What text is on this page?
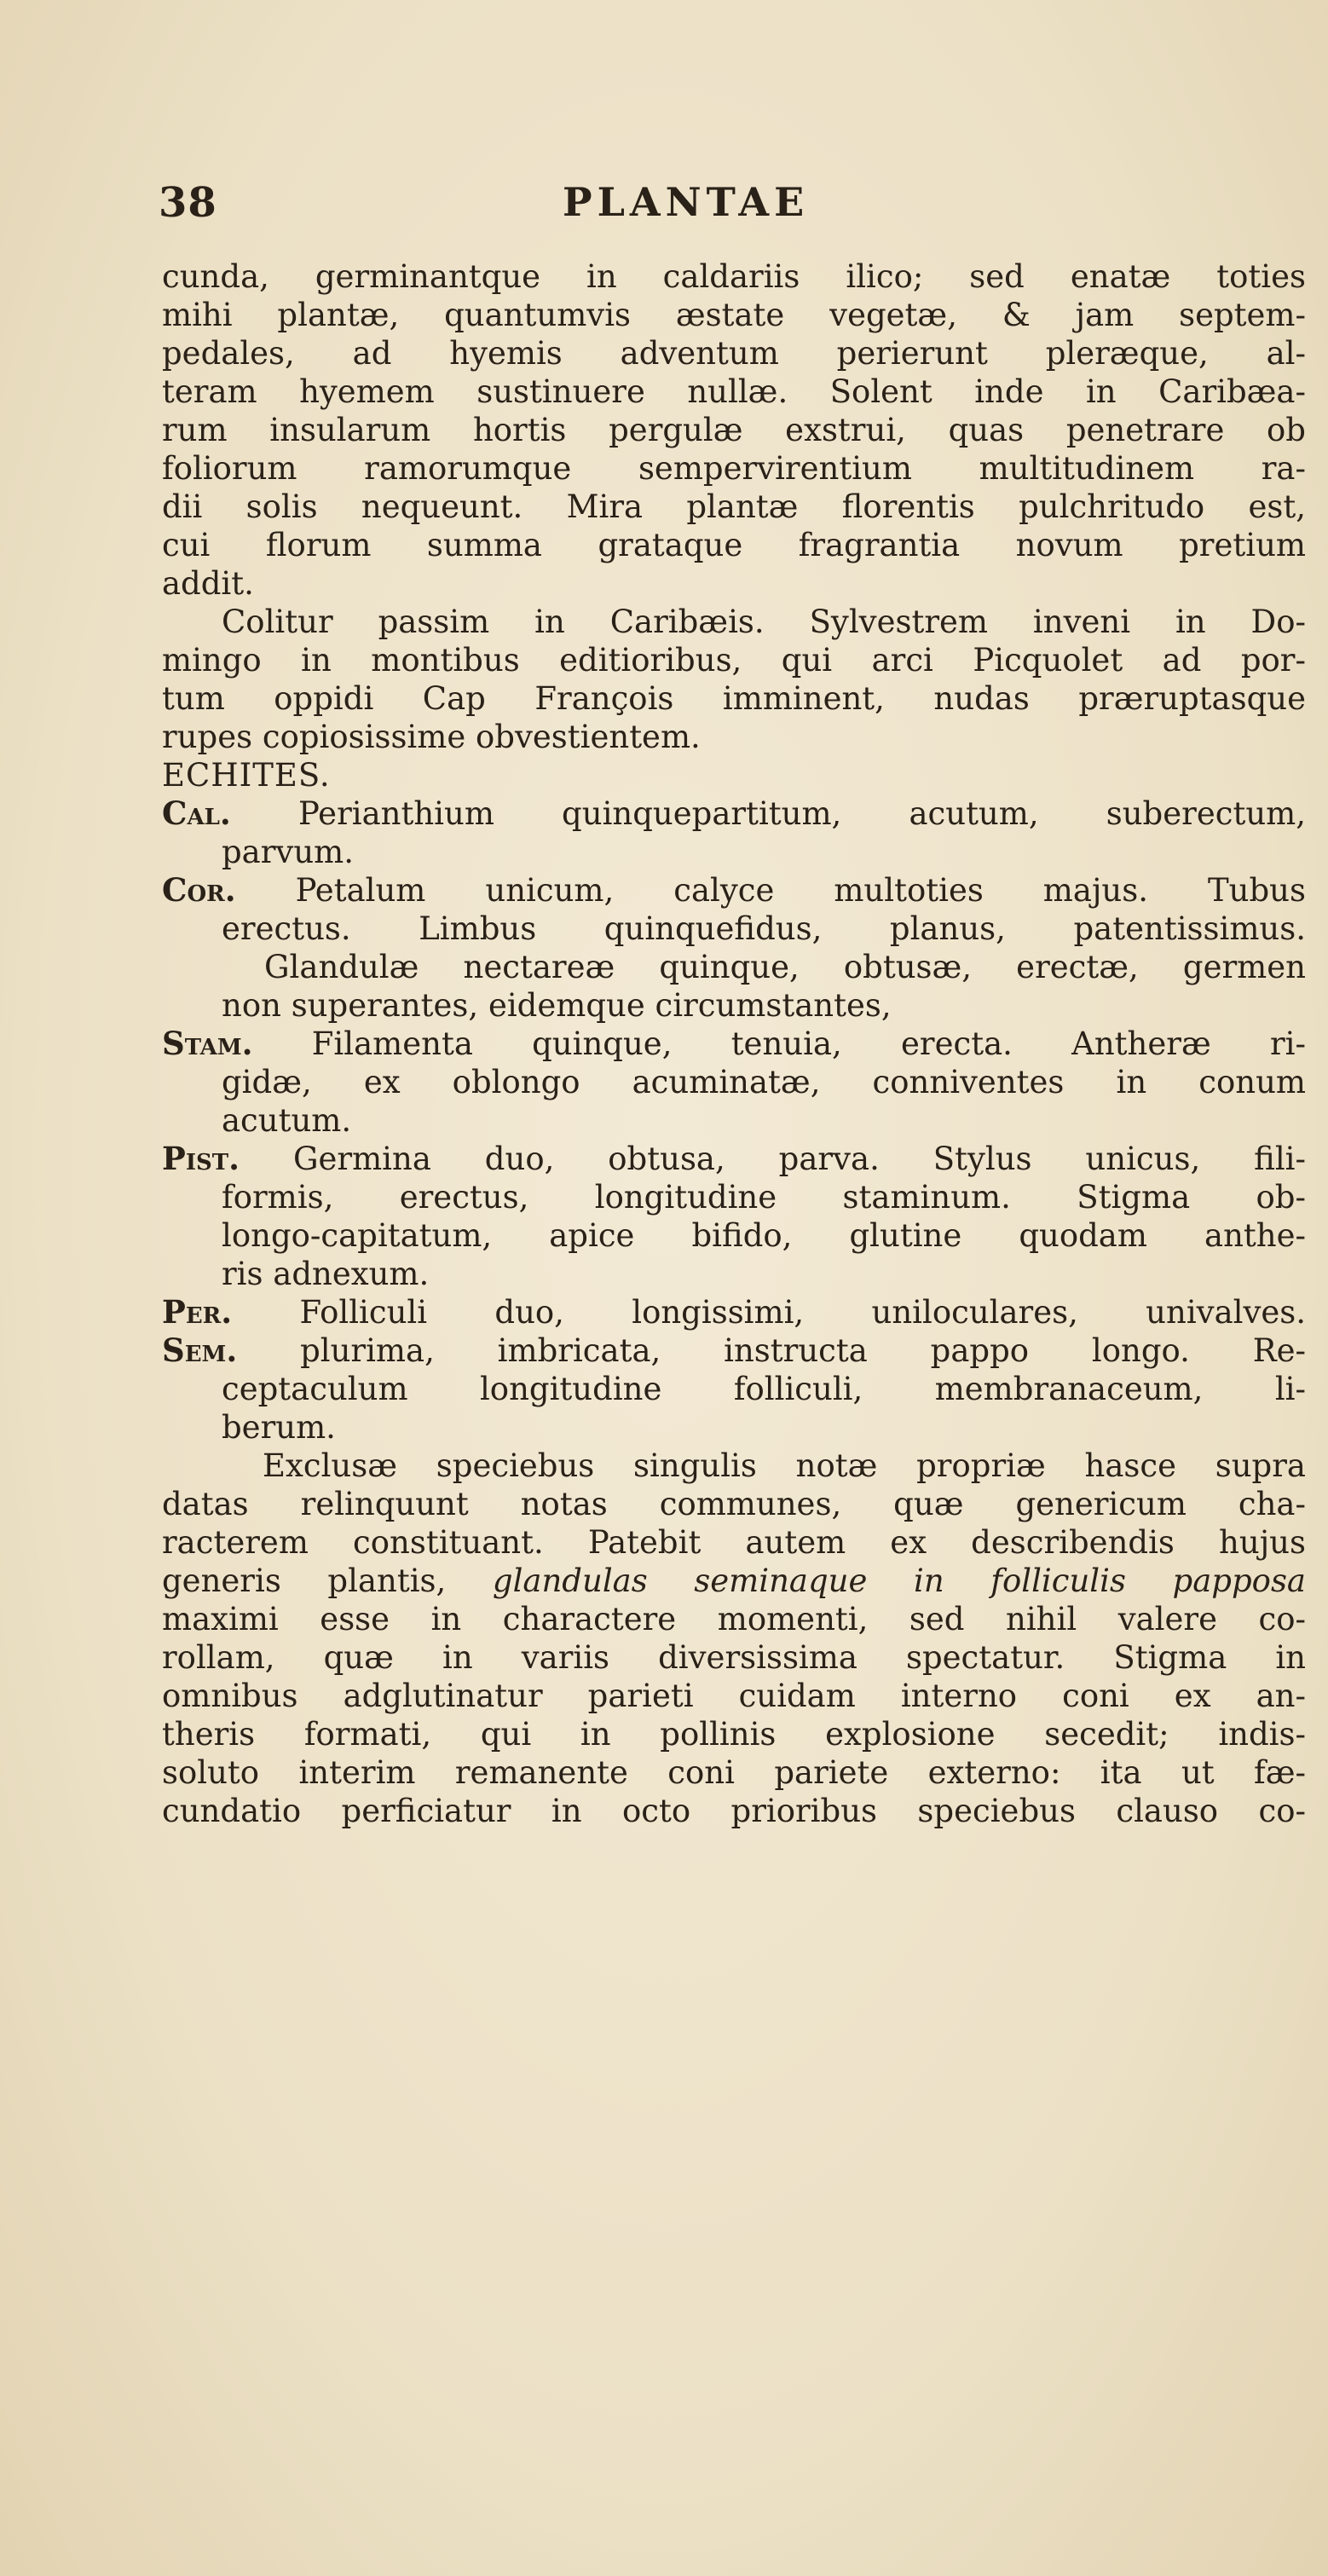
38	PLANTAE
cunda, germinantque in caldariis ilico; sed enatæ toties
mihi plantæ, quantumvis æstate vegetæ, & jam septem-
pedales, ad hyemis adventum perierunt pleræque, al-
teram hyemem sustinuere nullæ. Solent inde in Caribæa-
rum insularum hortis pergulæ exstrui, quas penetrare ob
foliorum ramorumque sempervirentium multitudinem ra-
dii solis nequeunt. Mira plantæ florentis pulchritudo est,
cui florum summa grataque fragrantia novum pretium
addit.
Colitur passim in Caribæis. Sylvestrem inveni in Do-
mingo in montibus editioribus, qui arci Picquolet ad por-
tum oppidi Cap François imminent, nudas præruptasque
rupes copiosissime obvestientem.
ECHITES.
Cal. Perianthium quinquepartitum, acutum, suberectum,
parvum.
Cor. Petalum unicum, calyce multoties majus. Tubus
erectus. Limbus quinquefidus, planus, patentissimus.
Glandulæ nectareæ quinque, obtusæ, erectæ, germen
non superantes, eidemque circumstantes,
Stam. Filamenta quinque, tenuia, erecta. Antheræ ri-
gidæ, ex oblongo acuminatæ, conniventes in conum
acutum.
Pist. Germina duo, obtusa, parva. Stylus unicus, fili-
formis, erectus, longitudine staminum. Stigma ob-
longo-capitatum, apice bifido, glutine quodam anthe-
ris adnexum.
Per. Folliculi duo, longissimi, uniloculares, univalves.
Sem. plurima, imbricata, instructa pappo longo. Re-
ceptaculum longitudine folliculi, membranaceum, li-
berum.
Exclusæ speciebus singulis notæ propriæ hasce supra
datas relinquunt notas communes, quæ genericum cha-
racterem constituant. Patebit autem ex describendis hujus
generis plantis, glandulas seminaque in folliculis papposa
maximi esse in charactere momenti, sed nihil valere co-
rollam, quæ in variis diversissima spectatur. Stigma in
omnibus adglutinatur parieti cuidam interno coni ex an-
theris formati, qui in pollinis explosione secedit; indis-
soluto interim remanente coni pariete externo: ita ut fæ-
cundatio perficiatur in octo prioribus speciebus clauso co-
